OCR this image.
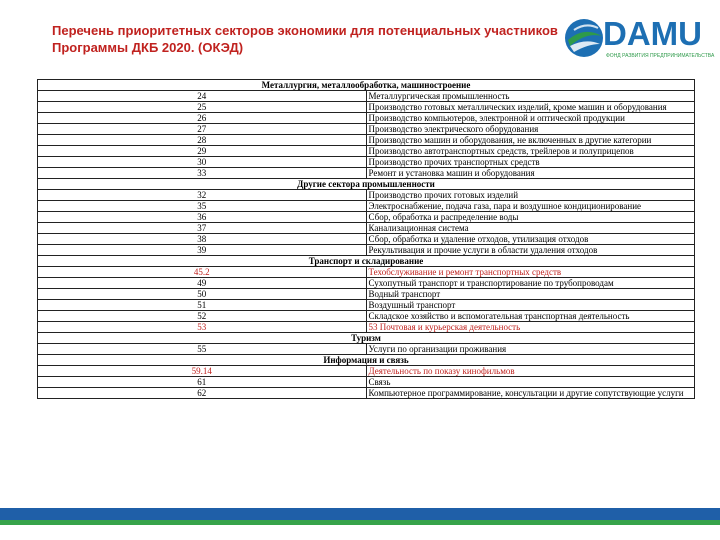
Перечень приоритетных секторов экономики для потенциальных участников
Программы ДКБ 2020. (ОКЭД)	DAMU
ФОНД РАЗВИТИЯ ПРЕДПРИНИМАТЕЛЬСТВА
Металлургия, металлообработка, машиностроение	
24	Металлургическая промышленность
25	Производство готовых металлических изделий, кроме машин и оборудования
26	Производство компьютеров, электронной и оптической продукции
27	Производство электрического оборудования
28	Производство машин и оборудования, не включенных в другие категории
29	Производство автотранспортных средств, трейлеров и полуприцепов
30	Производство прочих транспортных средств
33	Ремонт и установка машин и оборудования
Другие сектора промышленности	
32	Производство прочих готовых изделий
35	Электроснабжение, подача газа, пара и воздушное кондиционирование
36	Сбор, обработка и распределение воды
37	Канализационная система
38	Сбор, обработка и удаление отходов, утилизация отходов
39	Рекультивация и прочие услуги в области удаления отходов
Транспорт и складирование	
45.2	Техобслуживание и ремонт транспортных средств
49	Сухопутный транспорт и транспортирование по трубопроводам
50	Водный транспорт
51	Воздушный транспорт
52	Складское хозяйство и вспомогательная транспортная деятельность
53	53 Почтовая и курьерская деятельность
Туризм	
55	Услуги по организации проживания
Информация и связь	
59.14	Деятельность по показу кинофильмов
61	Связь
62	Компьютерное программирование, консультации и другие сопутствующие услуги
